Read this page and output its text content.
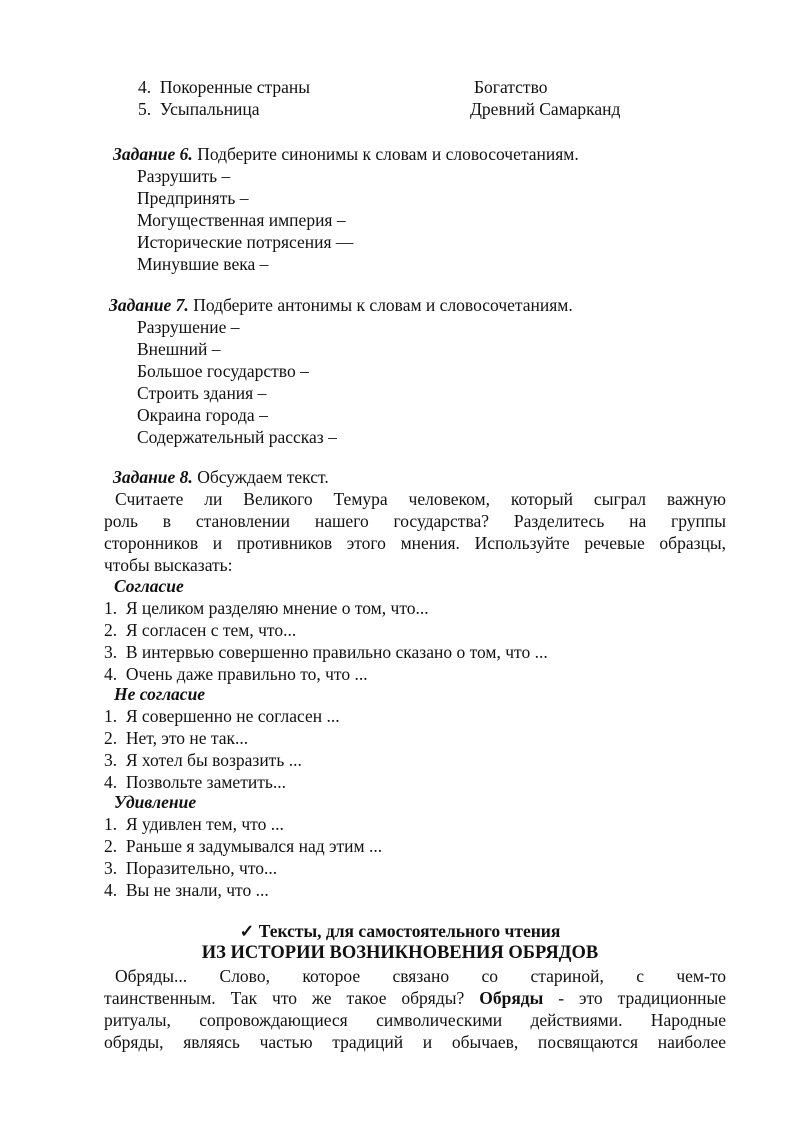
4. Покоренные страны	Богатство
5. Усыпальница	Древний Самарканд
Задание 6. Подберите синонимы к словам и словосочетаниям.
Разрушить –
Предпринять –
Могущественная империя –
Исторические потрясения —
Минувшие века –
Задание 7. Подберите антонимы к словам и словосочетаниям.
Разрушение –
Внешний –
Большое государство –
Строить здания –
Окраина города –
Содержательный рассказ –
Задание 8. Обсуждаем текст.
Считаете ли Великого Темура человеком, который сыграл важную
роль в становлении нашего государства? Разделитесь на группы
сторонников и противников этого мнения. Используйте речевые образцы,
чтобы высказать:
Согласие
1. Я целиком разделяю мнение о том, что...
2. Я согласен с тем, что...
3. В интервью совершенно правильно сказано о том, что ...
4. Очень даже правильно то, что ...
Не согласие
1. Я совершенно не согласен ...
2. Нет, это не так...
3. Я хотел бы возразить ...
4. Позвольте заметить...
Удивление
1. Я удивлен тем, что ...
2. Раньше я задумывался над этим ...
3. Поразительно, что...
4. Вы не знали, что ...
✓ Тексты, для самостоятельного чтения
ИЗ ИСТОРИИ ВОЗНИКНОВЕНИЯ ОБРЯДОВ
Обряды... Слово, которое связано со стариной, с чем-то
таинственным. Так что же такое обряды? Обряды - это традиционные
ритуалы, сопровождающиеся символическими действиями. Народные
обряды, являясь частью традиций и обычаев, посвящаются наиболее
